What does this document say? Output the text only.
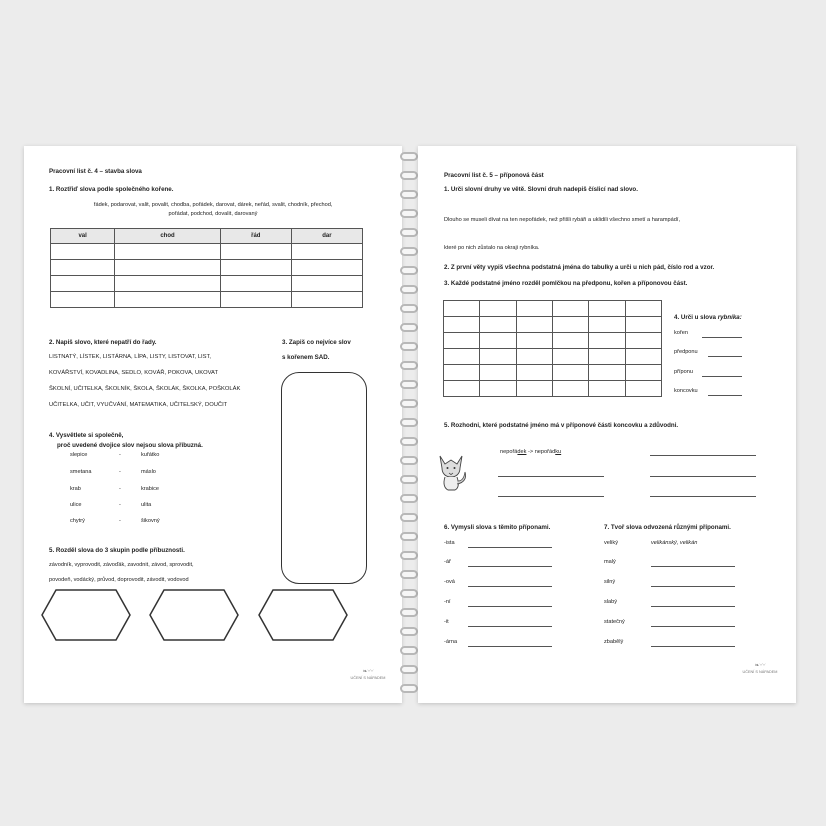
Pracovní list č. 4 – stavba slova
1. Roztřiď slova podle společného kořene.
řádek, podarovat, valit, povalit, chodba, pořádek, darovat, dárek, neřád, svalit, chodník, přechod,
pořádat, podchod, dovalit, darovaný
val	chod	řád	dar

2. Napiš slovo, které nepatří do řady.
LISTNATÝ, LÍSTEK, LISTÁRNA, LÍPA, LISTY, LISTOVAT, LIST,
KOVÁŘSTVÍ, KOVADLINA, SEDLO, KOVÁŘ, POKOVA, UKOVAT
ŠKOLNÍ, UČITELKA, ŠKOLNÍK, ŠKOLA, ŠKOLÁK, ŠKOLKA, POŠKOLÁK
UČITELKA, UČIT, VYUČVÁNÍ, MATEMATIKA, UČITELSKÝ, DOUČIT
3. Zapiš co nejvíce slov
s kořenem SAD.
4. Vysvětlete si společně,
proč uvedené dvojice slov nejsou slova příbuzná.
slepice	-	kuřátko
smetana	-	máslo
krab	-	krabice
ulice	-	ulita
chytrý	-	šikovný
5. Rozděl slova do 3 skupin podle příbuznosti.
závodník, vyprovodit, závoďák, zavodnit, závod, sprovodit,
povodeň, vodácký, průvod, doprovodit, závodit, vodovod
❧〰
UČENÍ S NÁPADEM
Pracovní list č. 5 – příponová část
1. Urči slovní druhy ve větě. Slovní druh nadepiš číslicí nad slovo.
Dlouho se museli dívat na ten nepořádek, než přišli rybáři a uklidili všechno smetí a harampádí,
které po nich zůstalo na okraji rybníka.
2. Z první věty vypiš všechna podstatná jména do tabulky a urči u nich pád, číslo rod a vzor.
3. Každé podstatné jméno rozděl pomlčkou na předponu, kořen a příponovou část.

4. Urči u slova rybníka:
kořen
předponu
příponu
koncovku
5. Rozhodni, které podstatné jméno má v příponové části koncovku a zdůvodni.
nepořádek -> nepořádku
6. Vymysli slova s těmito příponami.
-ista
-ář
-ová
-ní
-it
-árna
7. Tvoř slova odvozená různými příponami.
veliký	velikánský, velikán
malý
silný
slabý
statečný
zbabělý
❧〰
UČENÍ S NÁPADEM
